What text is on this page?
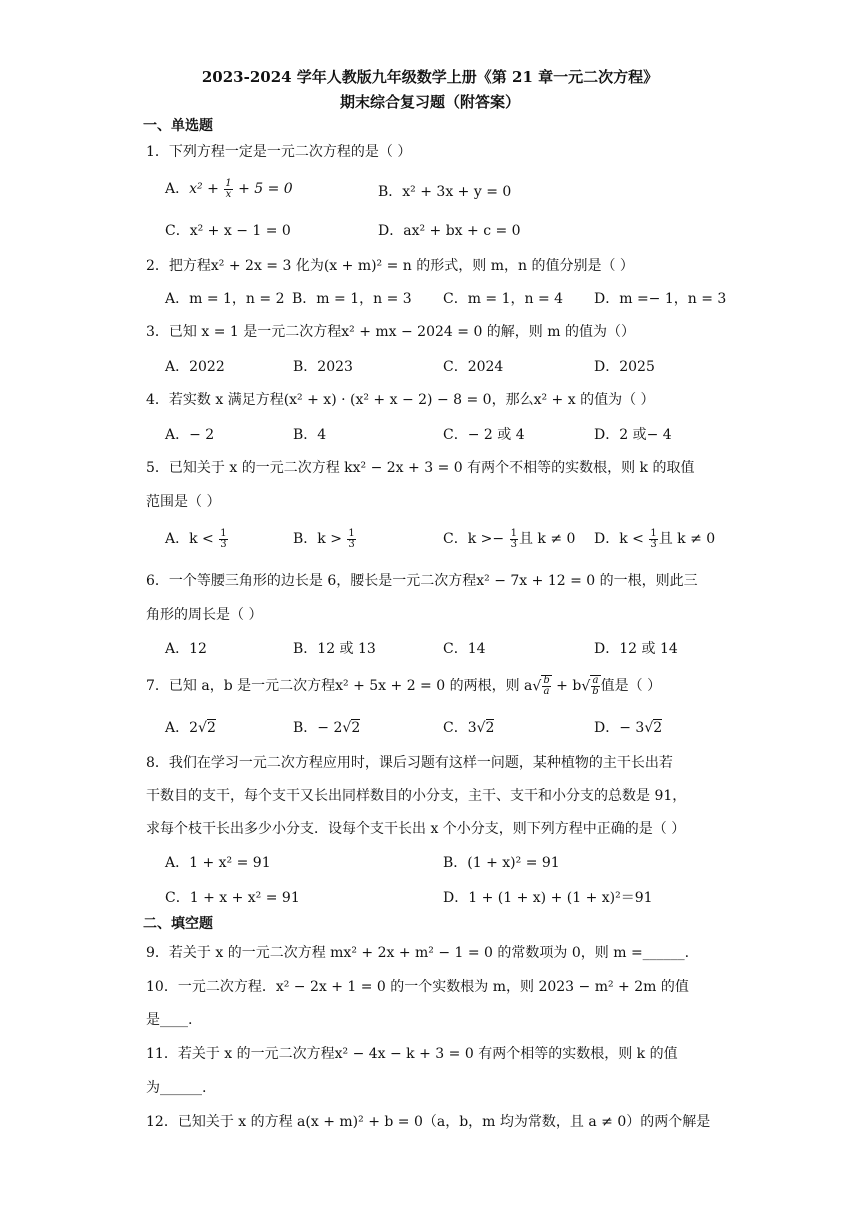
2023-2024 学年人教版九年级数学上册《第 21 章一元二次方程》
期末综合复习题（附答案）
一、单选题
1．下列方程一定是一元二次方程的是（ ）
A．$x^2 + \frac{1}{x} + 5 = 0$	B．x² + 3x + y = 0
C．x² + x − 1 = 0	D．ax² + bx + c = 0
2．把方程x² + 2x = 3 化为(x + m)² = n 的形式，则 m，n 的值分别是（ ）
A．m = 1，n = 2 B．m = 1，n = 3 C．m = 1，n = 4 D．m =− 1，n = 3
3．已知 x = 1 是一元二次方程x² + mx − 2024 = 0 的解，则 m 的值为（）
A．2022	B．2023	C．2024	D．2025
4．若实数 x 满足方程(x² + x) · (x² + x − 2) − 8 = 0，那么x² + x 的值为（ ）
A．− 2	B．4	C．− 2 或 4	D．2 或− 4
5．已知关于 x 的一元二次方程 kx² − 2x + 3 = 0 有两个不相等的实数根，则 k 的取值
范围是（ ）
A．$k < \frac{1}{3}$	B．$k > \frac{1}{3}$	C．$k >- \frac{1}{3}$ 且 k ≠ 0 D．$k < \frac{1}{3}$ 且 k ≠ 0
6．一个等腰三角形的边长是 6，腰长是一元二次方程x² − 7x + 12 = 0 的一根，则此三
角形的周长是（ ）
A．12	B．12 或 13	C．14	D．12 或 14
7．已知 a，b 是一元二次方程x² + 5x + 2 = 0 的两根，则 $a√ \frac{b}{a} + b√ \frac{a}{b}$ 值是（ ）
A．2√2	B．− 2√2	C．3√2	D．− 3√2
8．我们在学习一元二次方程应用时，课后习题有这样一问题，某种植物的主干长出若
干数目的支干，每个支干又长出同样数目的小分支，主干、支干和小分支的总数是 91，
求每个枝干长出多少小分支．设每个支干长出 x 个小分支，则下列方程中正确的是（ ）
A．1 + x² = 91	B．(1 + x)² = 91
C．1 + x + x² = 91	D．1 + (1 + x) + (1 + x)²＝91
二、填空题
9．若关于 x 的一元二次方程 mx² + 2x + m² − 1 = 0 的常数项为 0，则 m =______.
10．一元二次方程．x² − 2x + 1 = 0 的一个实数根为 m，则 2023 − m² + 2m 的值
是____.
11．若关于 x 的一元二次方程x² − 4x − k + 3 = 0 有两个相等的实数根，则 k 的值
为______.
12．已知关于 x 的方程 a(x + m)² + b = 0（a，b，m 均为常数，且 a ≠ 0）的两个解是
